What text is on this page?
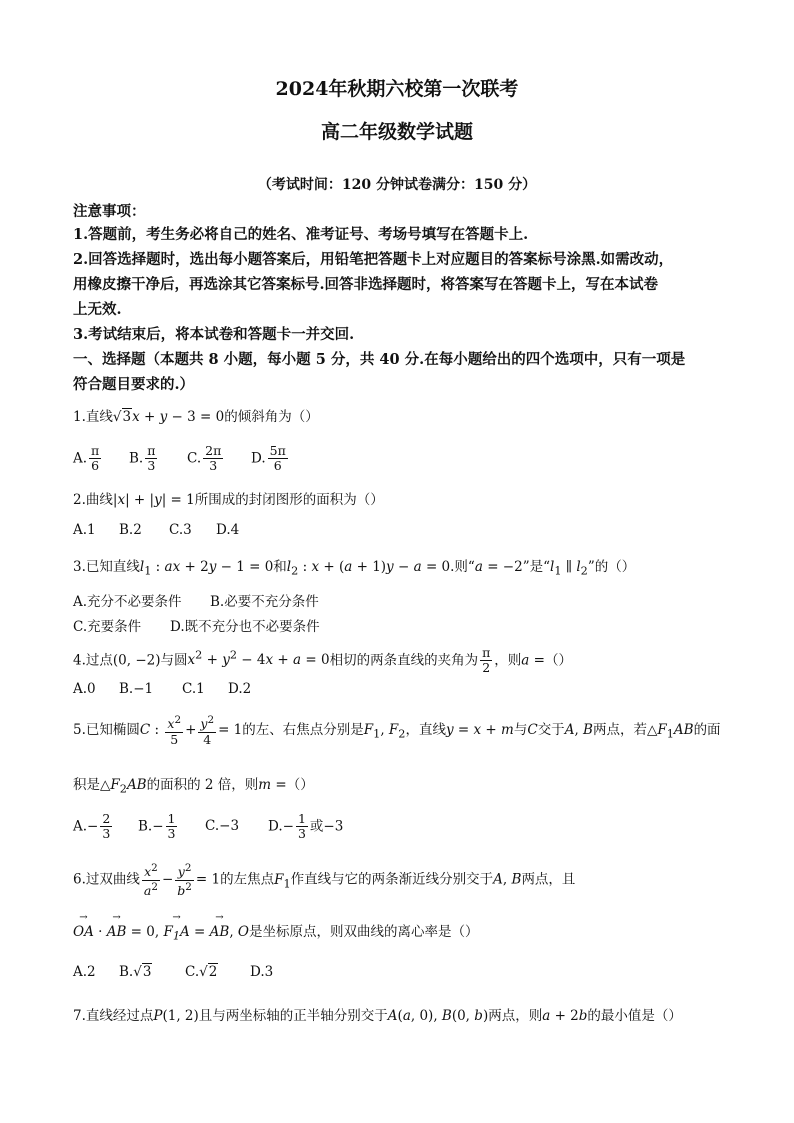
2024年秋期六校第一次联考
高二年级数学试题
（考试时间：120 分钟试卷满分：150 分）
注意事项：
1.答题前，考生务必将自己的姓名、准考证号、考场号填写在答题卡上.
2.回答选择题时，选出每小题答案后，用铅笔把答题卡上对应题目的答案标号涂黑.如需改动，
用橡皮擦干净后，再选涂其它答案标号.回答非选择题时，将答案写在答题卡上，写在本试卷
上无效.
3.考试结束后，将本试卷和答题卡一并交回.
一、选择题（本题共 8 小题，每小题 5 分，共 40 分.在每小题给出的四个选项中，只有一项是
符合题目要求的.）
1.直线√3x + y − 3 = 0的倾斜角为（）
A. $\frac{\pi}{6} B$. $\frac{\pi}{3} C$. $\frac{2\pi}{3} D$. $\frac{5\pi}{6}$
2.曲线|x| + |y| = 1所围成的封闭图形的面积为（）
A.1 B.2 C.3 D.4
3.已知直线$l_1$ : ax + 2y − 1 = 0和$l_2$ : x + (a + 1)y − a = 0.则“a = −2”是“$l_1$ ∥ $l_2$”的（）
A.充分不必要条件 B.必要不充分条件
C.充要条件 D.既不充分也不必要条件
4.过点(0, −2)与圆$x^2 + y^2 - 4x + a = 0$相切的两条直线的夹角为 $\frac{\pi}{2}$ ，则a =（）
A.0 B.−1 C.1 D.2
5.已知椭圆C : $\frac{x^2}{5} + \frac{y^2}{4} = 1$的左、右焦点分别是$F_1$, $F_2$，直线y = x + m与C交于A, B两点，若$\triangle F_1AB$的面
积是$\triangle F_2AB$的面积的 2 倍，则m =（）
$A.- \frac{2}{3} B.- \frac{1}{3} C.-3$ $D.- \frac{1}{3}$ 或−3
6.过双曲线 $\frac{x^2}{a^2} - \frac{y^2}{b^2} = 1$的左焦点$F_1$作直线与它的两条渐近线分别交于A, B两点，且
→ OA · → AB = 0, → $F_1A$ = → AB, O是坐标原点，则双曲线的离心率是（）
A.2 B.√3 C.√2 D.3
7.直线经过点P(1, 2)且与两坐标轴的正半轴分别交于A(a, 0), B(0, b)两点，则a + 2b的最小值是（）
